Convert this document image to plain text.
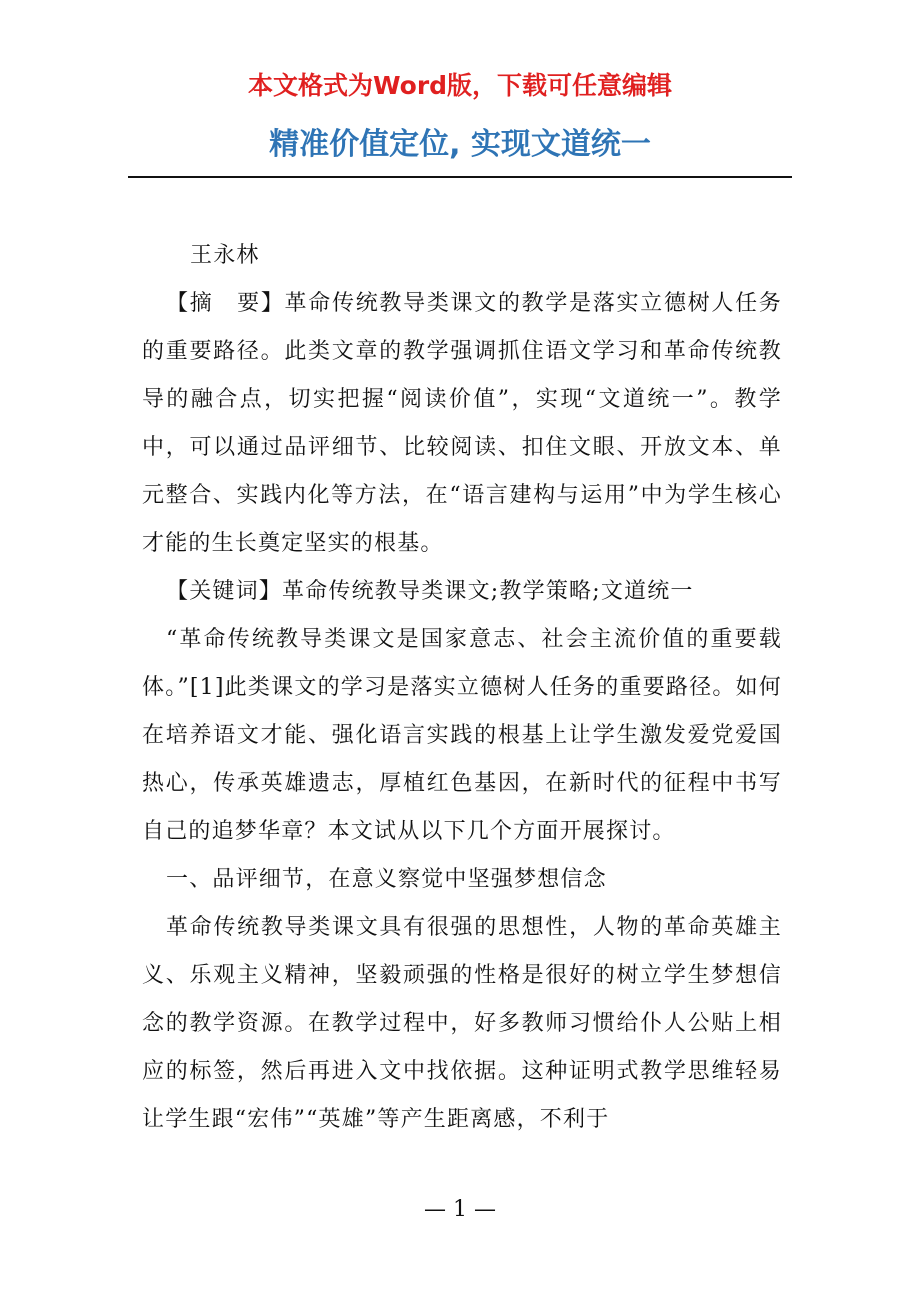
本文格式为Word版，下载可任意编辑
精准价值定位, 实现文道统一

王永林

【摘　要】革命传统教导类课文的教学是落实立德树人任务的重要路径。此类文章的教学强调抓住语文学习和革命传统教导的融合点，切实把握“阅读价值”，实现“文道统一”。教学中，可以通过品评细节、比较阅读、扣住文眼、开放文本、单元整合、实践内化等方法，在“语言建构与运用”中为学生核心才能的生长奠定坚实的根基。

【关键词】革命传统教导类课文;教学策略;文道统一

“革命传统教导类课文是国家意志、社会主流价值的重要载体。”[1]此类课文的学习是落实立德树人任务的重要路径。如何在培养语文才能、强化语言实践的根基上让学生激发爱党爱国热心，传承英雄遗志，厚植红色基因，在新时代的征程中书写自己的追梦华章？本文试从以下几个方面开展探讨。

一、品评细节，在意义察觉中坚强梦想信念

革命传统教导类课文具有很强的思想性，人物的革命英雄主义、乐观主义精神，坚毅顽强的性格是很好的树立学生梦想信念的教学资源。在教学过程中，好多教师习惯给仆人公贴上相应的标签，然后再进入文中找依据。这种证明式教学思维轻易让学生跟“宏伟”“英雄”等产生距离感，不利于

— 1 —
